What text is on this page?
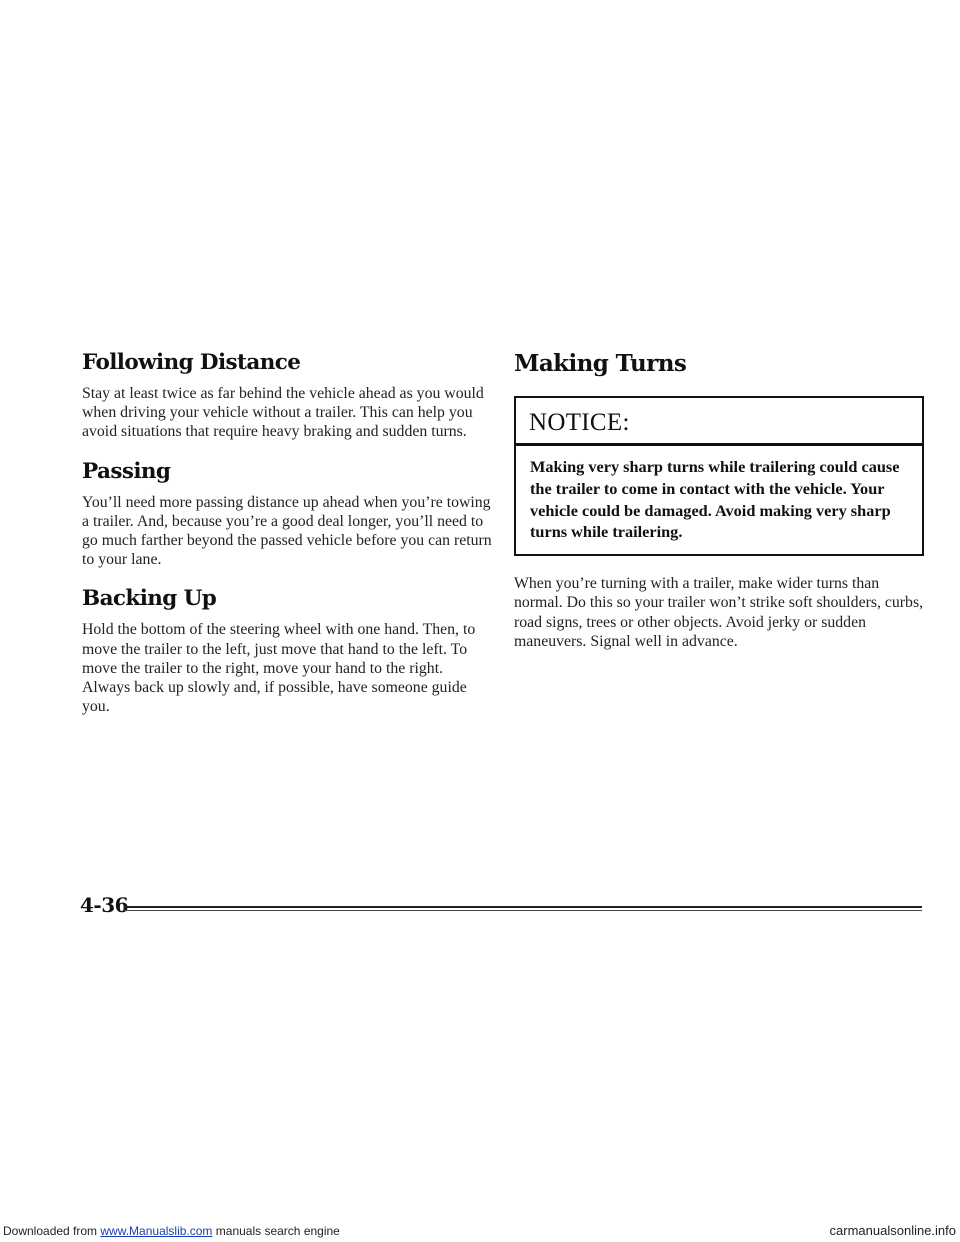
Following Distance

Stay at least twice as far behind the vehicle ahead as you would when driving your vehicle without a trailer. This can help you avoid situations that require heavy braking and sudden turns.

Passing

You’ll need more passing distance up ahead when you’re towing a trailer. And, because you’re a good deal longer, you’ll need to go much farther beyond the passed vehicle before you can return to your lane.

Backing Up

Hold the bottom of the steering wheel with one hand. Then, to move the trailer to the left, just move that hand to the left. To move the trailer to the right, move your hand to the right. Always back up slowly and, if possible, have someone guide you.

Making Turns
NOTICE:
Making very sharp turns while trailering could cause the trailer to come in contact with the vehicle. Your vehicle could be damaged. Avoid making very sharp turns while trailering.

When you’re turning with a trailer, make wider turns than normal. Do this so your trailer won’t strike soft shoulders, curbs, road signs, trees or other objects. Avoid jerky or sudden maneuvers. Signal well in advance.

4-36
Downloaded from www.Manualslib.com manuals search engine	carmanualsonline.info
